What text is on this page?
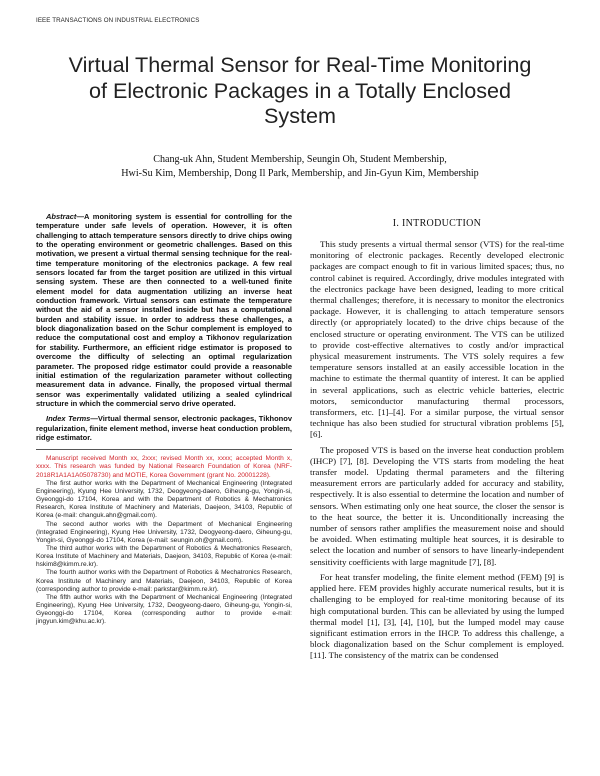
IEEE TRANSACTIONS ON INDUSTRIAL ELECTRONICS
Virtual Thermal Sensor for Real-Time Monitoring
of Electronic Packages in a Totally Enclosed
System
Chang-uk Ahn, Student Membership, Seungin Oh, Student Membership,
Hwi-Su Kim, Membership, Dong Il Park, Membership, and Jin-Gyun Kim, Membership

Abstract—A monitoring system is essential for controlling for the temperature under safe levels of operation. However, it is often challenging to attach temperature sensors directly to drive chips owing to the operating environment or geometric challenges. Based on this motivation, we present a virtual thermal sensing technique for the real-time temperature monitoring of the electronics package. A few real sensors located far from the target position are utilized in this virtual sensing system. These are then connected to a well-tuned finite element model for data augmentation utilizing an inverse heat conduction framework. Virtual sensors can estimate the temperature without the aid of a sensor installed inside but has a computational burden and stability issue. In order to address these challenges, a block diagonalization based on the Schur complement is employed to reduce the computational cost and employ a Tikhonov regularization for stability. Furthermore, an efficient ridge estimator is proposed to overcome the difficulty of selecting an optimal regularization parameter. The proposed ridge estimator could provide a reasonable initial estimation of the regularization parameter without collecting measurement data in advance. Finally, the proposed virtual thermal sensor was experimentally validated utilizing a sealed cylindrical structure in which the commercial servo drive operated.

Index Terms—Virtual thermal sensor, electronic packages, Tikhonov regularization, finite element method, inverse heat conduction problem, ridge estimator.

Manuscript received Month xx, 2xxx; revised Month xx, xxxx; accepted Month x, xxxx. This research was funded by National Research Foundation of Korea (NRF-2018R1A1A1A05078730) and MOTIE, Korea Government (grant No. 20001228).

The first author works with the Department of Mechanical Engineering (Integrated Engineering), Kyung Hee University, 1732, Deogyeong-daero, Giheung-gu, Yongin-si, Gyeonggi-do 17104, Korea and with the Department of Robotics & Mechatronics Research, Korea Institute of Machinery and Materials, Daejeon, 34103, Republic of Korea (e-mail: changuk.ahn@gmail.com).

The second author works with the Department of Mechanical Engineering (Integrated Engineering), Kyung Hee University, 1732, Deogyeong-daero, Giheung-gu, Yongin-si, Gyeonggi-do 17104, Korea (e-mail: seungin.oh@gmail.com).

The third author works with the Department of Robotics & Mechatronics Research, Korea Institute of Machinery and Materials, Daejeon, 34103, Republic of Korea (e-mail: hskim8@kimm.re.kr).

The fourth author works with the Department of Robotics & Mechatronics Research, Korea Institute of Machinery and Materials, Daejeon, 34103, Republic of Korea (corresponding author to provide e-mail: parkstar@kimm.re.kr).

The fifth author works with the Department of Mechanical Engineering (Integrated Engineering), Kyung Hee University, 1732, Deogyeong-daero, Giheung-gu, Yongin-si, Gyeonggi-do 17104, Korea (corresponding author to provide e-mail: jingyun.kim@khu.ac.kr).

I. INTRODUCTION

This study presents a virtual thermal sensor (VTS) for the real-time monitoring of electronic packages. Recently developed electronic packages are compact enough to fit in various limited spaces; thus, no control cabinet is required. Accordingly, drive modules integrated with the electronics package have been designed, leading to more critical thermal challenges; therefore, it is necessary to monitor the electronics package. However, it is challenging to attach temperature sensors directly (or appropriately located) to the drive chips because of the enclosed structure or operating environment. The VTS can be utilized to provide cost-effective alternatives to costly and/or impractical physical measurement instruments. The VTS solely requires a few temperature sensors installed at an easily accessible location in the machine to estimate the thermal quantity of interest. It can be applied in several applications, such as electric vehicle batteries, electric motors, semiconductor manufacturing thermal processors, transformers, etc. [1]–[4]. For a similar purpose, the virtual sensor technique has also been studied for structural vibration problems [5], [6].

The proposed VTS is based on the inverse heat conduction problem (IHCP) [7], [8]. Developing the VTS starts from modeling the heat transfer model. Updating thermal parameters and the filtering measurement errors are particularly added for accuracy and stability, respectively. It is also essential to determine the location and number of sensors. When estimating only one heat source, the closer the sensor is to the heat source, the better it is. Unconditionally increasing the number of sensors rather amplifies the measurement noise and should be avoided. When estimating multiple heat sources, it is desirable to select the location and number of sensors to have linearly-independent sensitivity coefficients with large magnitude [7], [8].

For heat transfer modeling, the finite element method (FEM) [9] is applied here. FEM provides highly accurate numerical results, but it is challenging to be employed for real-time monitoring because of its high computational burden. This can be alleviated by using the lumped thermal model [1], [3], [4], [10], but the lumped model may cause significant estimation errors in the IHCP. To address this challenge, a block diagonalization based on the Schur complement is employed. [11]. The consistency of the matrix can be condensed
